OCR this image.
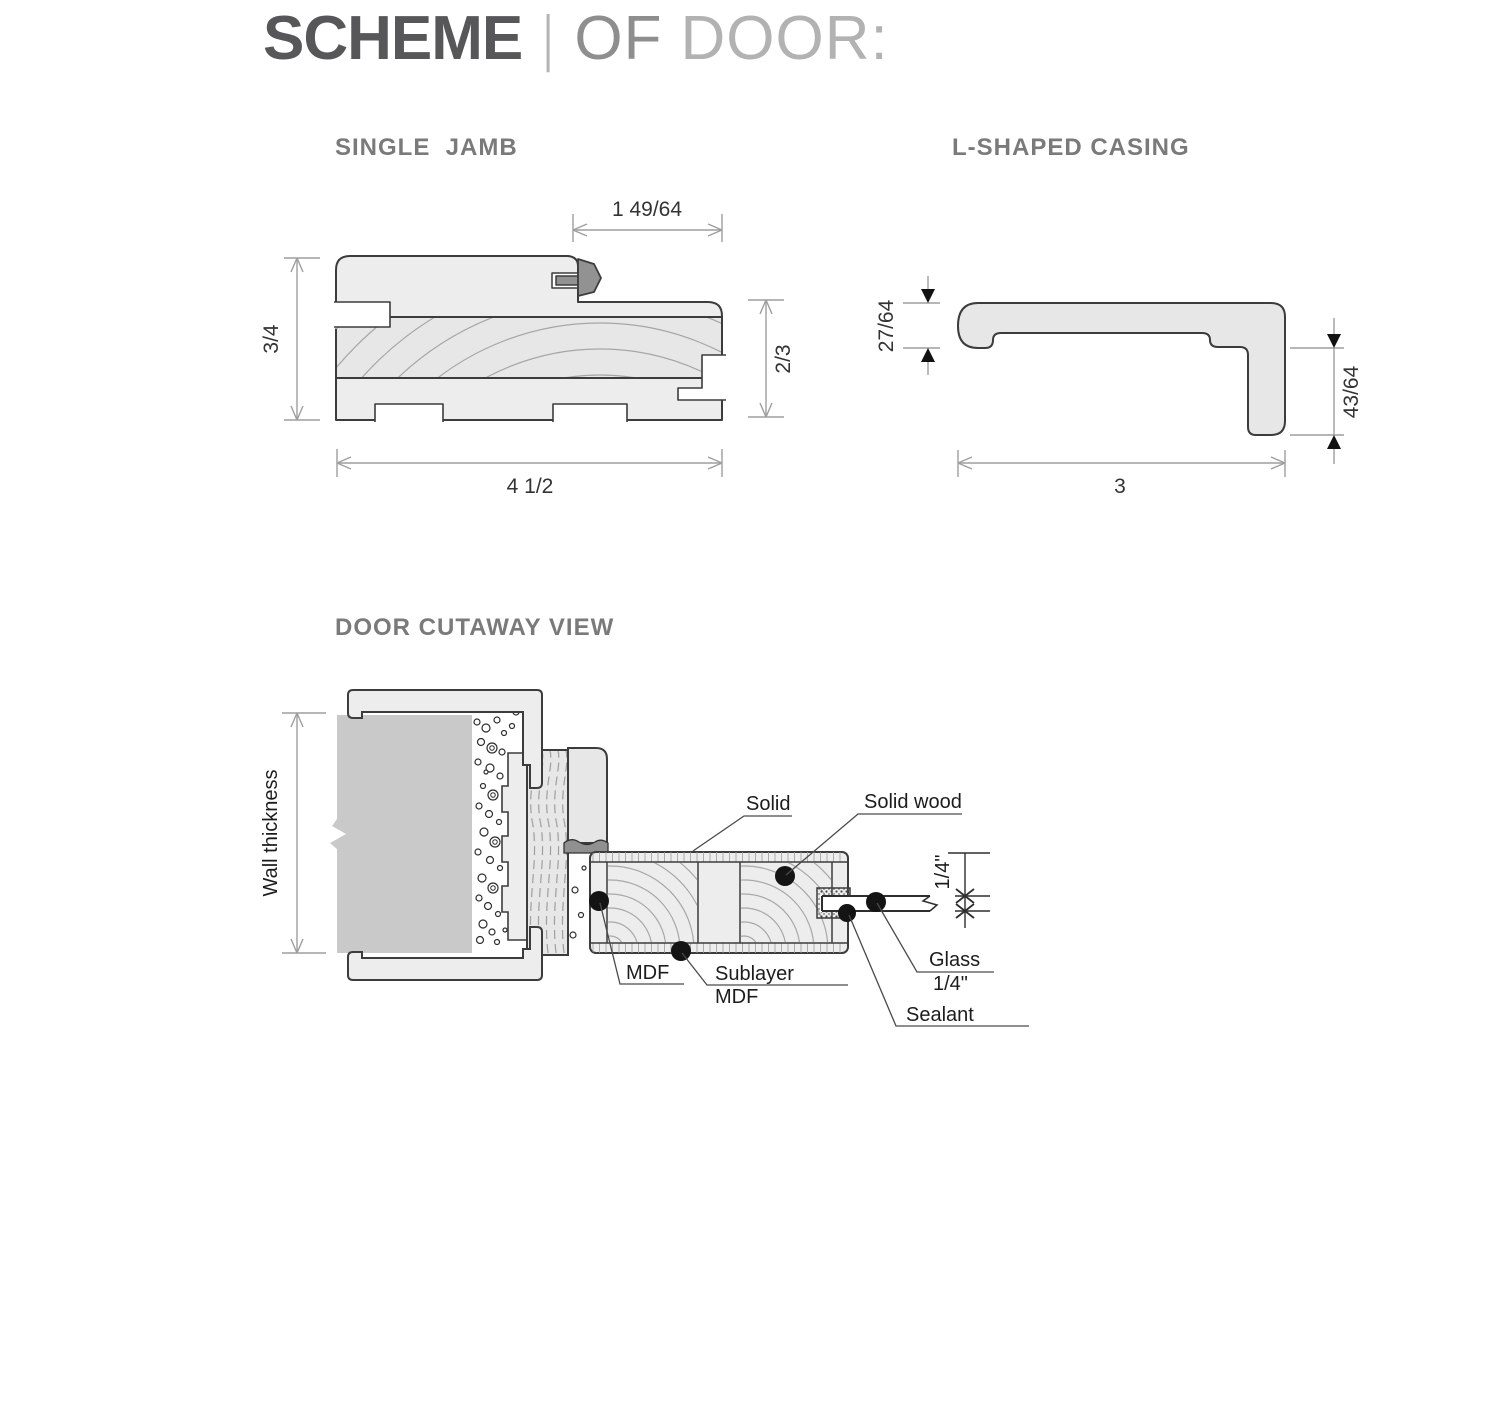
SCHEME | OF DOOR:
SINGLE  JAMB	L-SHAPED CASING
DOOR CUTAWAY VIEW
1 49/64
3/4
2/3
4 1/2
27/64
43/64
3
Wall thickness	Solid	Solid wood
MDF Sublayer
MDF
Glass
1/4"
Sealant
1/4"
